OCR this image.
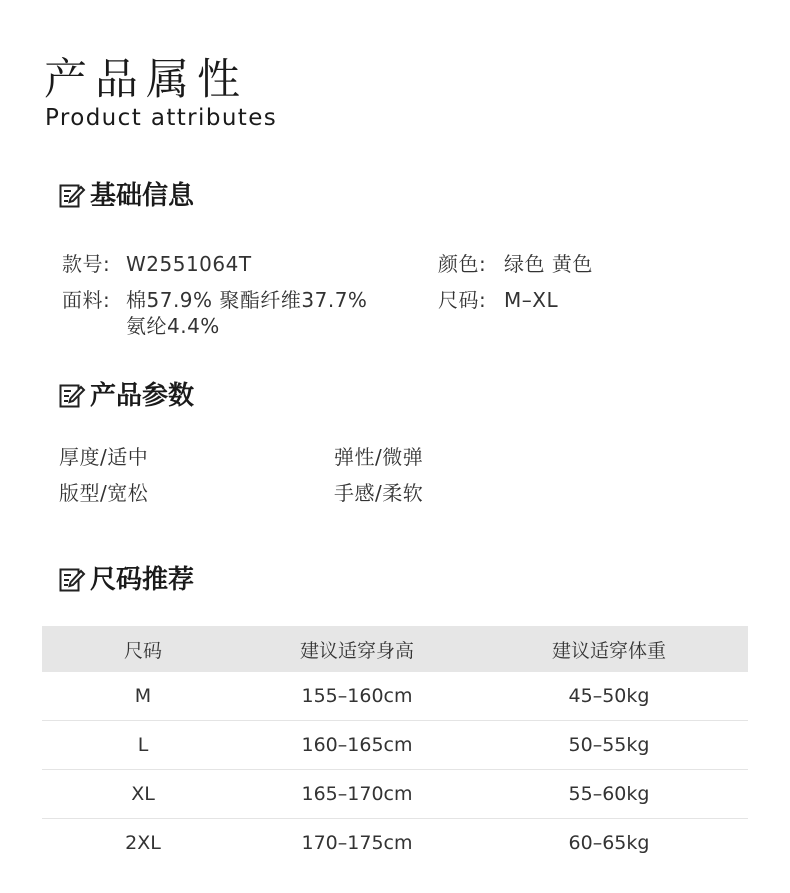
产品属性
Product attributes
基础信息
款号: W2551064T	颜色: 绿色 黄色
面料: 棉57.9% 聚酯纤维37.7%
氨纶4.4%
尺码: M–XL
产品参数
厚度/适中	弹性/微弹
版型/宽松	手感/柔软
尺码推荐
尺码	建议适穿身高	建议适穿体重
M	155–160cm	45–50kg
L	160–165cm	50–55kg
XL	165–170cm	55–60kg
2XL	170–175cm	60–65kg
